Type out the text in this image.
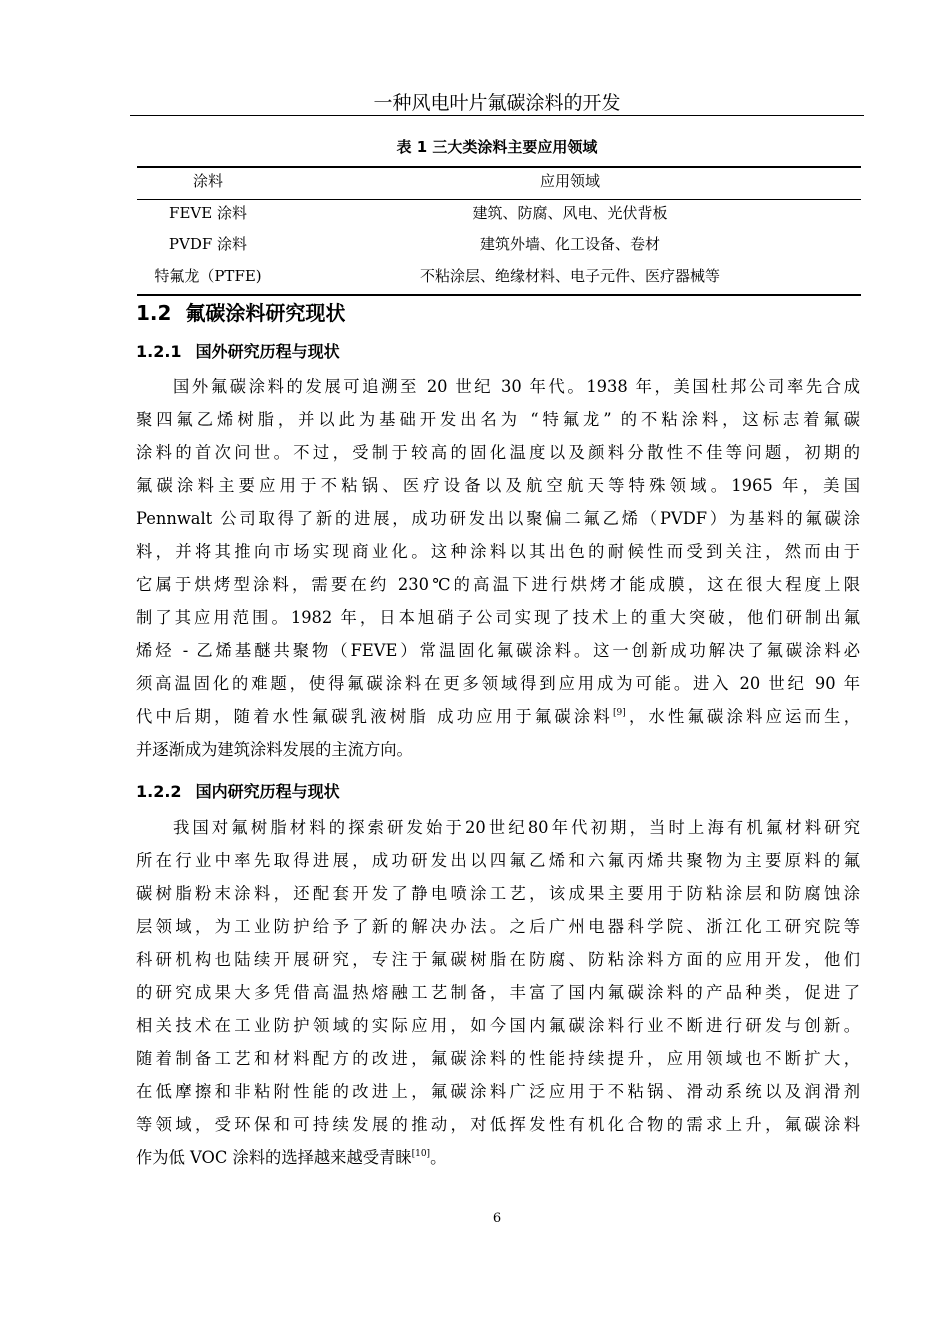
一种风电叶片氟碳涂料的开发
表 1 三大类涂料主要应用领域
涂料	应用领域
FEVE 涂料	建筑、防腐、风电、光伏背板
PVDF 涂料	建筑外墙、化工设备、卷材
特氟龙（PTFE)	不粘涂层、绝缘材料、电子元件、医疗器械等
1.2 氟碳涂料研究现状
1.2.1 国外研究历程与现状
国外氟碳涂料的发展可追溯至 20 世纪 30 年代。1938 年，美国杜邦公司率先合成
聚四氟乙烯树脂，并以此为基础开发出名为 “特氟龙” 的不粘涂料，这标志着氟碳
涂料的首次问世。不过，受制于较高的固化温度以及颜料分散性不佳等问题，初期的
氟碳涂料主要应用于不粘锅、医疗设备以及航空航天等特殊领域。1965 年，美国
Pennwalt 公司取得了新的进展，成功研发出以聚偏二氟乙烯（PVDF）为基料的氟碳涂
料，并将其推向市场实现商业化。这种涂料以其出色的耐候性而受到关注，然而由于
它属于烘烤型涂料，需要在约 230℃的高温下进行烘烤才能成膜，这在很大程度上限
制了其应用范围。1982 年，日本旭硝子公司实现了技术上的重大突破，他们研制出氟
烯烃 - 乙烯基醚共聚物（FEVE）常温固化氟碳涂料。这一创新成功解决了氟碳涂料必
须高温固化的难题，使得氟碳涂料在更多领域得到应用成为可能。进入 20 世纪 90 年
代中后期，随着水性氟碳乳液树脂 成功应用于氟碳涂料[9]，水性氟碳涂料应运而生，
并逐渐成为建筑涂料发展的主流方向。
1.2.2 国内研究历程与现状
我国对氟树脂材料的探索研发始于20世纪80年代初期，当时上海有机氟材料研究
所在行业中率先取得进展，成功研发出以四氟乙烯和六氟丙烯共聚物为主要原料的氟
碳树脂粉末涂料，还配套开发了静电喷涂工艺，该成果主要用于防粘涂层和防腐蚀涂
层领域，为工业防护给予了新的解决办法。之后广州电器科学院、浙江化工研究院等
科研机构也陆续开展研究，专注于氟碳树脂在防腐、防粘涂料方面的应用开发，他们
的研究成果大多凭借高温热熔融工艺制备，丰富了国内氟碳涂料的产品种类，促进了
相关技术在工业防护领域的实际应用，如今国内氟碳涂料行业不断进行研发与创新。
随着制备工艺和材料配方的改进，氟碳涂料的性能持续提升，应用领域也不断扩大，
在低摩擦和非粘附性能的改进上，氟碳涂料广泛应用于不粘锅、滑动系统以及润滑剂
等领域，受环保和可持续发展的推动，对低挥发性有机化合物的需求上升，氟碳涂料
作为低 VOC 涂料的选择越来越受青睐[10]。
6
